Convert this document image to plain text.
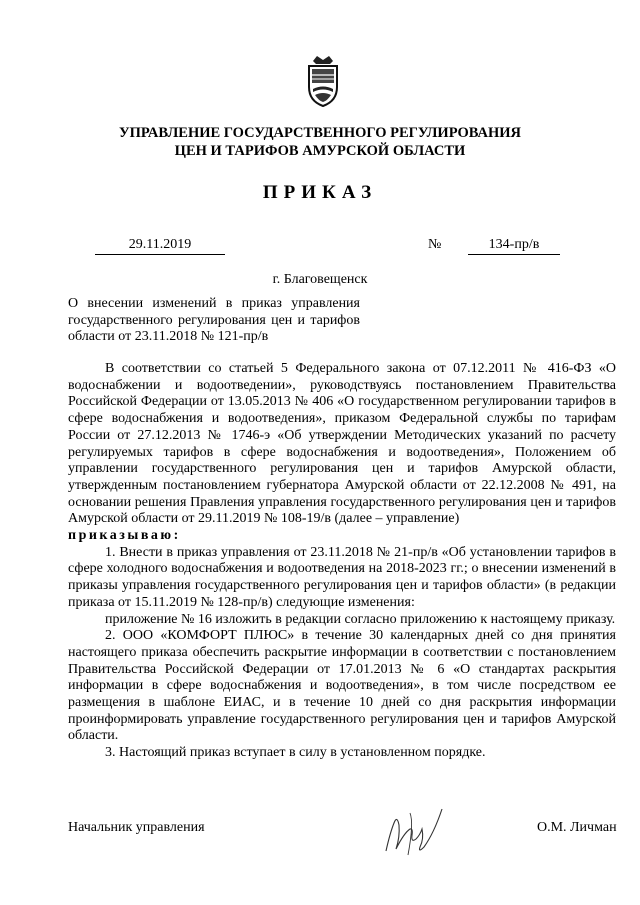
УПРАВЛЕНИЕ ГОСУДАРСТВЕННОГО РЕГУЛИРОВАНИЯ
ЦЕН И ТАРИФОВ АМУРСКОЙ ОБЛАСТИ
ПРИКАЗ
29.11.2019	№	134-пр/в
г. Благовещенск
О внесении изменений в приказ управления государственного регулирования цен и тарифов области от 23.11.2018 № 121-пр/в

В соответствии со статьей 5 Федерального закона от 07.12.2011 № 416-ФЗ «О водоснабжении и водоотведении», руководствуясь постановлением Правительства Российской Федерации от 13.05.2013 № 406 «О государственном регулировании тарифов в сфере водоснабжения и водоотведения», приказом Федеральной службы по тарифам России от 27.12.2013 № 1746-э «Об утверждении Методических указаний по расчету регулируемых тарифов в сфере водоснабжения и водоотведения», Положением об управлении государственного регулирования цен и тарифов Амурской области, утвержденным постановлением губернатора Амурской области от 22.12.2008 № 491, на основании решения Правления управления государственного регулирования цен и тарифов Амурской области от 29.11.2019 № 108-19/в (далее – управление)

приказываю:

1. Внести в приказ управления от 23.11.2018 № 21-пр/в «Об установлении тарифов в сфере холодного водоснабжения и водоотведения на 2018-2023 гг.; о внесении изменений в приказы управления государственного регулирования цен и тарифов области» (в редакции приказа от 15.11.2019 № 128-пр/в) следующие изменения:

приложение № 16 изложить в редакции согласно приложению к настоящему приказу.

2. ООО «КОМФОРТ ПЛЮС» в течение 30 календарных дней со дня принятия настоящего приказа обеспечить раскрытие информации в соответствии с постановлением Правительства Российской Федерации от 17.01.2013 № 6 «О стандартах раскрытия информации в сфере водоснабжения и водоотведения», в том числе посредством ее размещения в шаблоне ЕИАС, и в течение 10 дней со дня раскрытия информации проинформировать управление государственного регулирования цен и тарифов Амурской области.

3. Настоящий приказ вступает в силу в установленном порядке.

Начальник управления	О.М. Личман
